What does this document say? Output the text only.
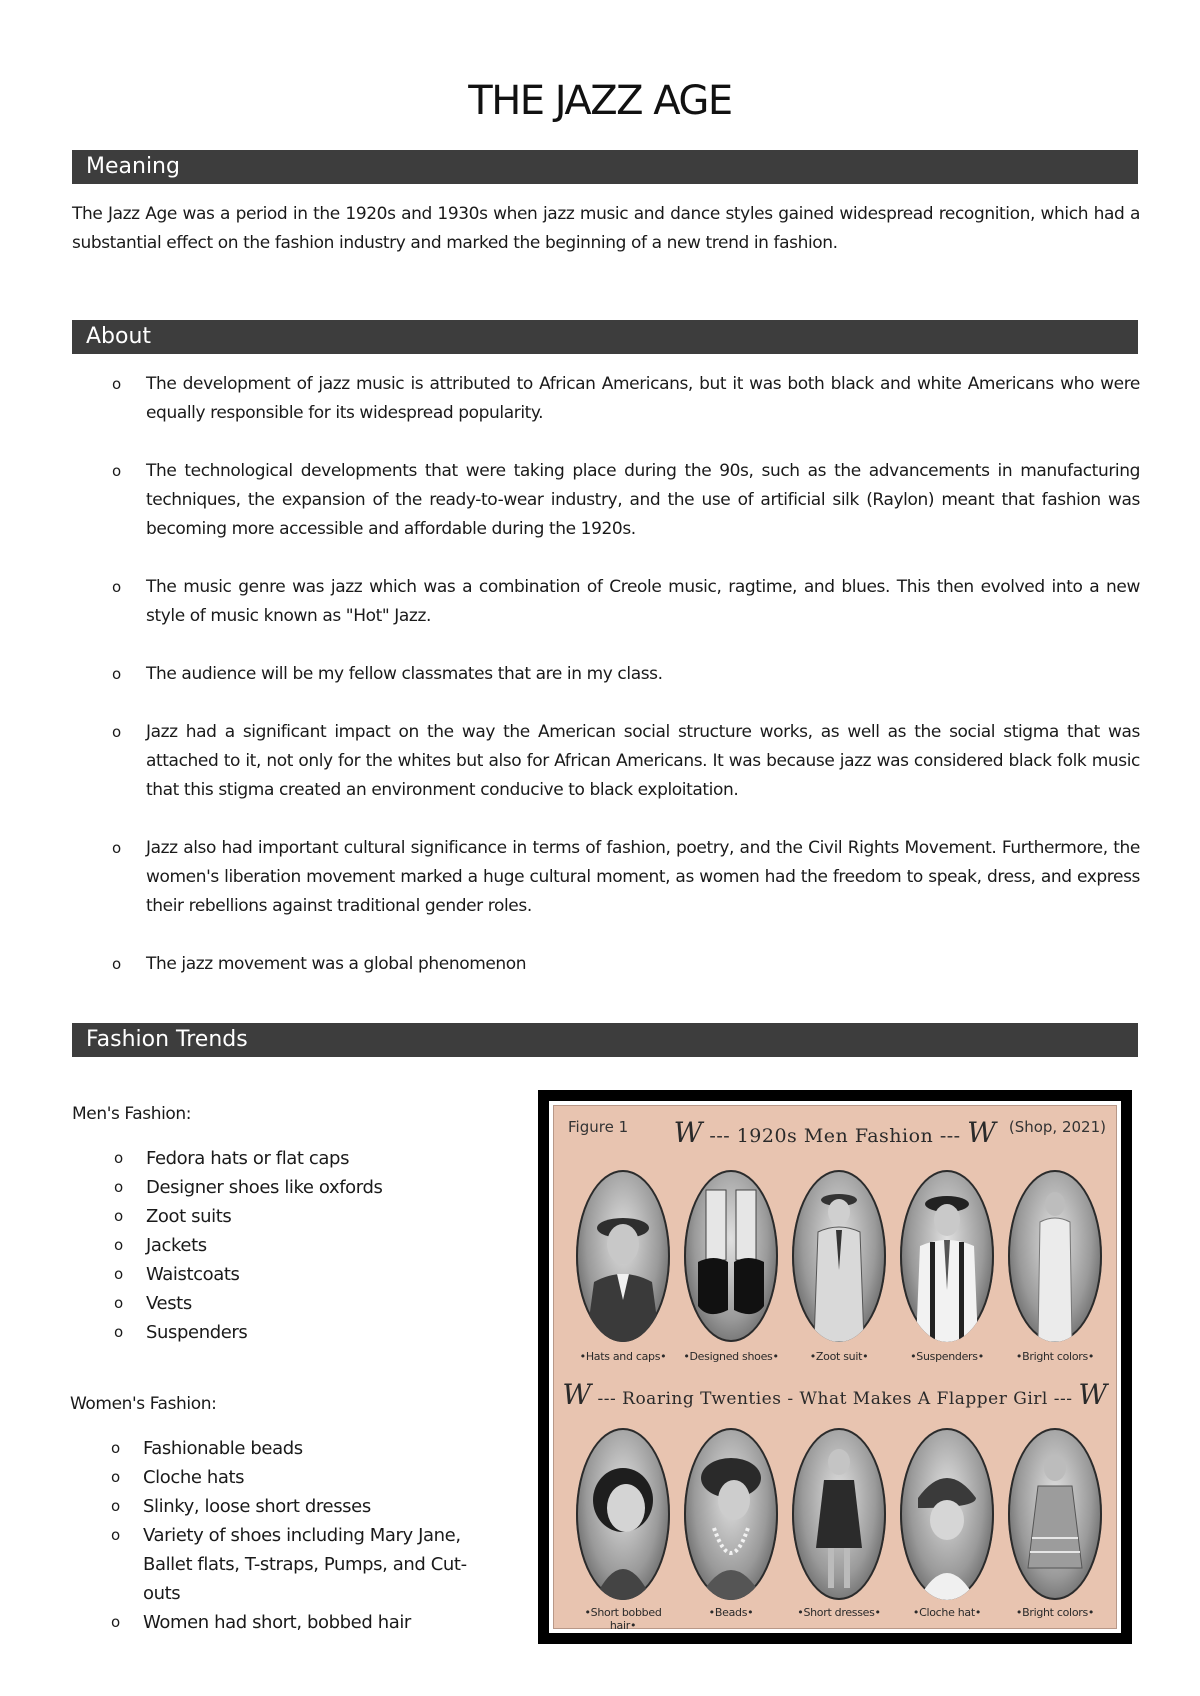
THE JAZZ AGE
Meaning

The Jazz Age was a period in the 1920s and 1930s when jazz music and dance styles gained widespread recognition, which had a substantial effect on the fashion industry and marked the beginning of a new trend in fashion.

About
o The development of jazz music is attributed to African Americans, but it was both black and white Americans who were equally responsible for its widespread popularity.
o The technological developments that were taking place during the 90s, such as the advancements in manufacturing techniques, the expansion of the ready-to-wear industry, and the use of artificial silk (Raylon) meant that fashion was becoming more accessible and affordable during the 1920s.
o The music genre was jazz which was a combination of Creole music, ragtime, and blues. This then evolved into a new style of music known as "Hot" Jazz.
o The audience will be my fellow classmates that are in my class.
o Jazz had a significant impact on the way the American social structure works, as well as the social stigma that was attached to it, not only for the whites but also for African Americans. It was because jazz was considered black folk music that this stigma created an environment conducive to black exploitation.
o Jazz also had important cultural significance in terms of fashion, poetry, and the Civil Rights Movement. Furthermore, the women's liberation movement marked a huge cultural moment, as women had the freedom to speak, dress, and express their rebellions against traditional gender roles.
o The jazz movement was a global phenomenon
Fashion Trends
Men's Fashion:
o Fedora hats or flat caps
o Designer shoes like oxfords
o Zoot suits
o Jackets
o Waistcoats
o Vests
o Suspenders
Women's Fashion:
o Fashionable beads
o Cloche hats
o Slinky, loose short dresses
o Variety of shoes including Mary Jane, Ballet flats, T-straps, Pumps, and Cut-outs
o Women had short, bobbed hair
Figure 1	(Shop, 2021)
W --- 1920s Men Fashion --- W
•Hats and caps•	•Designed shoes•	•Zoot suit•	•Suspenders•	•Bright colors•
W --- Roaring Twenties - What Makes A Flapper Girl --- W
•Short bobbed hair•
•Beads•	•Short dresses•	•Cloche hat•	•Bright colors•
